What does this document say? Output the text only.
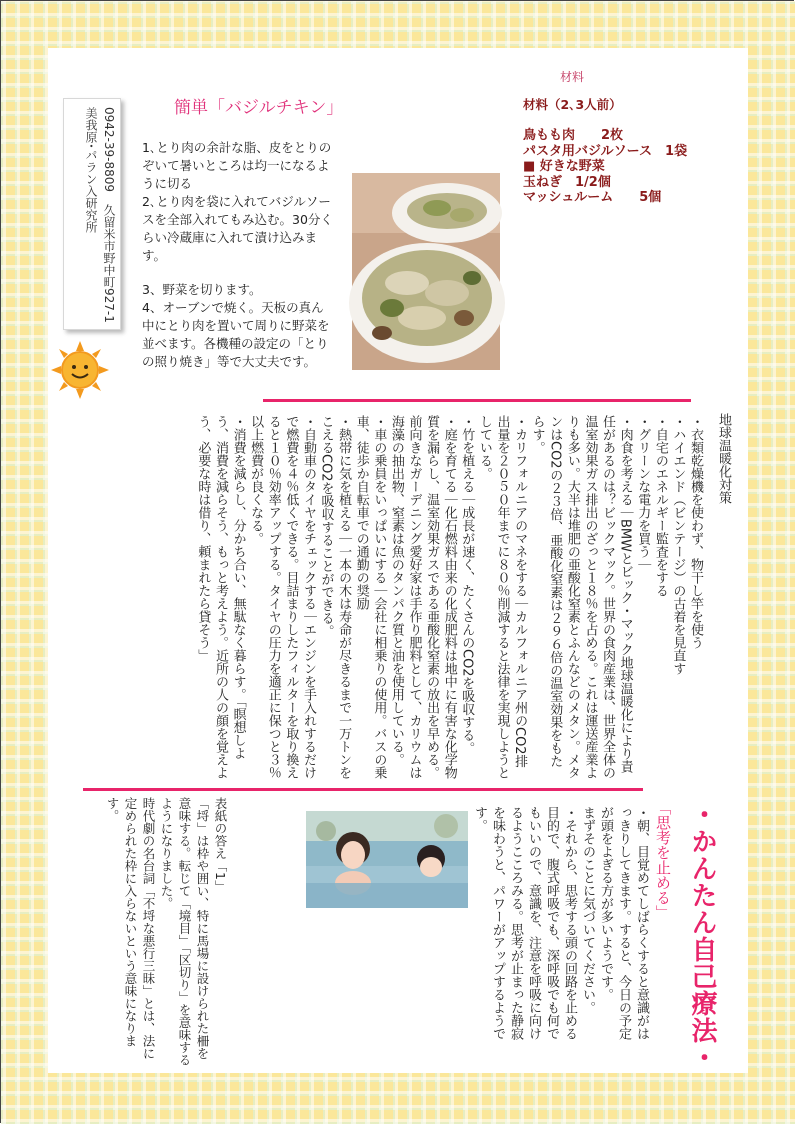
簡単「バジルチキン」
美我原･パラン入研究所 0942-39-8809　久留米市野中町927-1 1､とり肉の余計な脂、皮をとりのぞいて暑いところは均一になるように切る

2､とり肉を袋に入れてバジルソースを全部入れてもみ込む。30分くらい冷蔵庫に入れて漬け込みます。

3、野菜を切ります。

4、オーブンで焼く。天板の真ん中にとり肉を置いて周りに野菜を並べます。各機種の設定の「とりの照り焼き」等で大丈夫です。

材料
材料（2､3人前）
鳥もも肉　　2枚
パスタ用バジルソース　1袋
■ 好きな野菜
玉ねぎ　1/2個
マッシュルーム　　5個
地球温暖化対策

・衣類乾燥機を使わず、物干し竿を使う

・ハイエンド（ビンテージ）の古着を見直す

・自宅のエネルギー監査をする

・グリーンな電力を買う｜

・肉食を考える｜BMWとビック・マック地球温暖化により責任があるのは？ビックマック。世界の食肉産業は、世界全体の温室効果ガス排出のざっと１８％を占める。これは運送産業よりも多い。大半は堆肥の亜酸化窒素とふんなどのメタン。メタンはCO2の２３倍、亜酸化窒素は２９６倍の温室効果をもたらす。

・カリフォルニアのマネをする｜カルフォルニア州のCO2排出量を２０５０年までに８０％削減すると法律を実現しようとしている。

・竹を植える｜成長が速く、たくさんのCO2を吸収する。

・庭を育てる｜化石燃料由来の化成肥料は地中に有害な化学物質を漏らし、温室効果ガスである亜酸化窒素の放出を早める。前向きなガーデニング愛好家は手作り肥料として、カリウムは海藻の抽出物、窒素は魚のタンパク質と油を使用している。

・車の乗員をいっぱいにする｜会社に相乗りの使用。バスの乗車、徒歩か自転車での通勤の奨励

・熱帯に気を植える｜一本の木は寿命が尽きるまで一万トンをこえるCO2を吸収することができる。

・自動車のタイヤをチェックする｜エンジンを手入れするだけで燃費を４％低くできる。目詰まりしたフィルターを取り換えると１０％効率アップする。タイヤの圧力を適正に保つと３％以上燃費が良くなる。

・消費を減らし、分かち合い、無駄なく暮らす。「瞑想しよう、消費を減らそう、もっと考えよう。近所の人の顔を覚えよう、必要な時は借り、頼まれたら貸そう」

・かんたん自己療法・
「思考を止める」

・朝、目覚めてしばらくすると意識がはっきりしてきます。すると、今日の予定が頭をよぎる方が多いようです。

まずそのことに気づいてください。

・それから、思考する頭の回路を止める目的で、腹式呼吸でも、深呼吸でも何でもいいので、意識を、注意を呼吸に向けるようこころみる。思考が止まった静寂を味わうと、パワーがアップするようです。

表紙の答え「1」

「埒」は枠や囲い、特に馬場に設けられた柵を意味する。転じて「境目」「区切り」を意味するようになりました。

時代劇の名台詞「不埒な悪行三昧」とは、法に定められた枠に入らないという意味になります。
